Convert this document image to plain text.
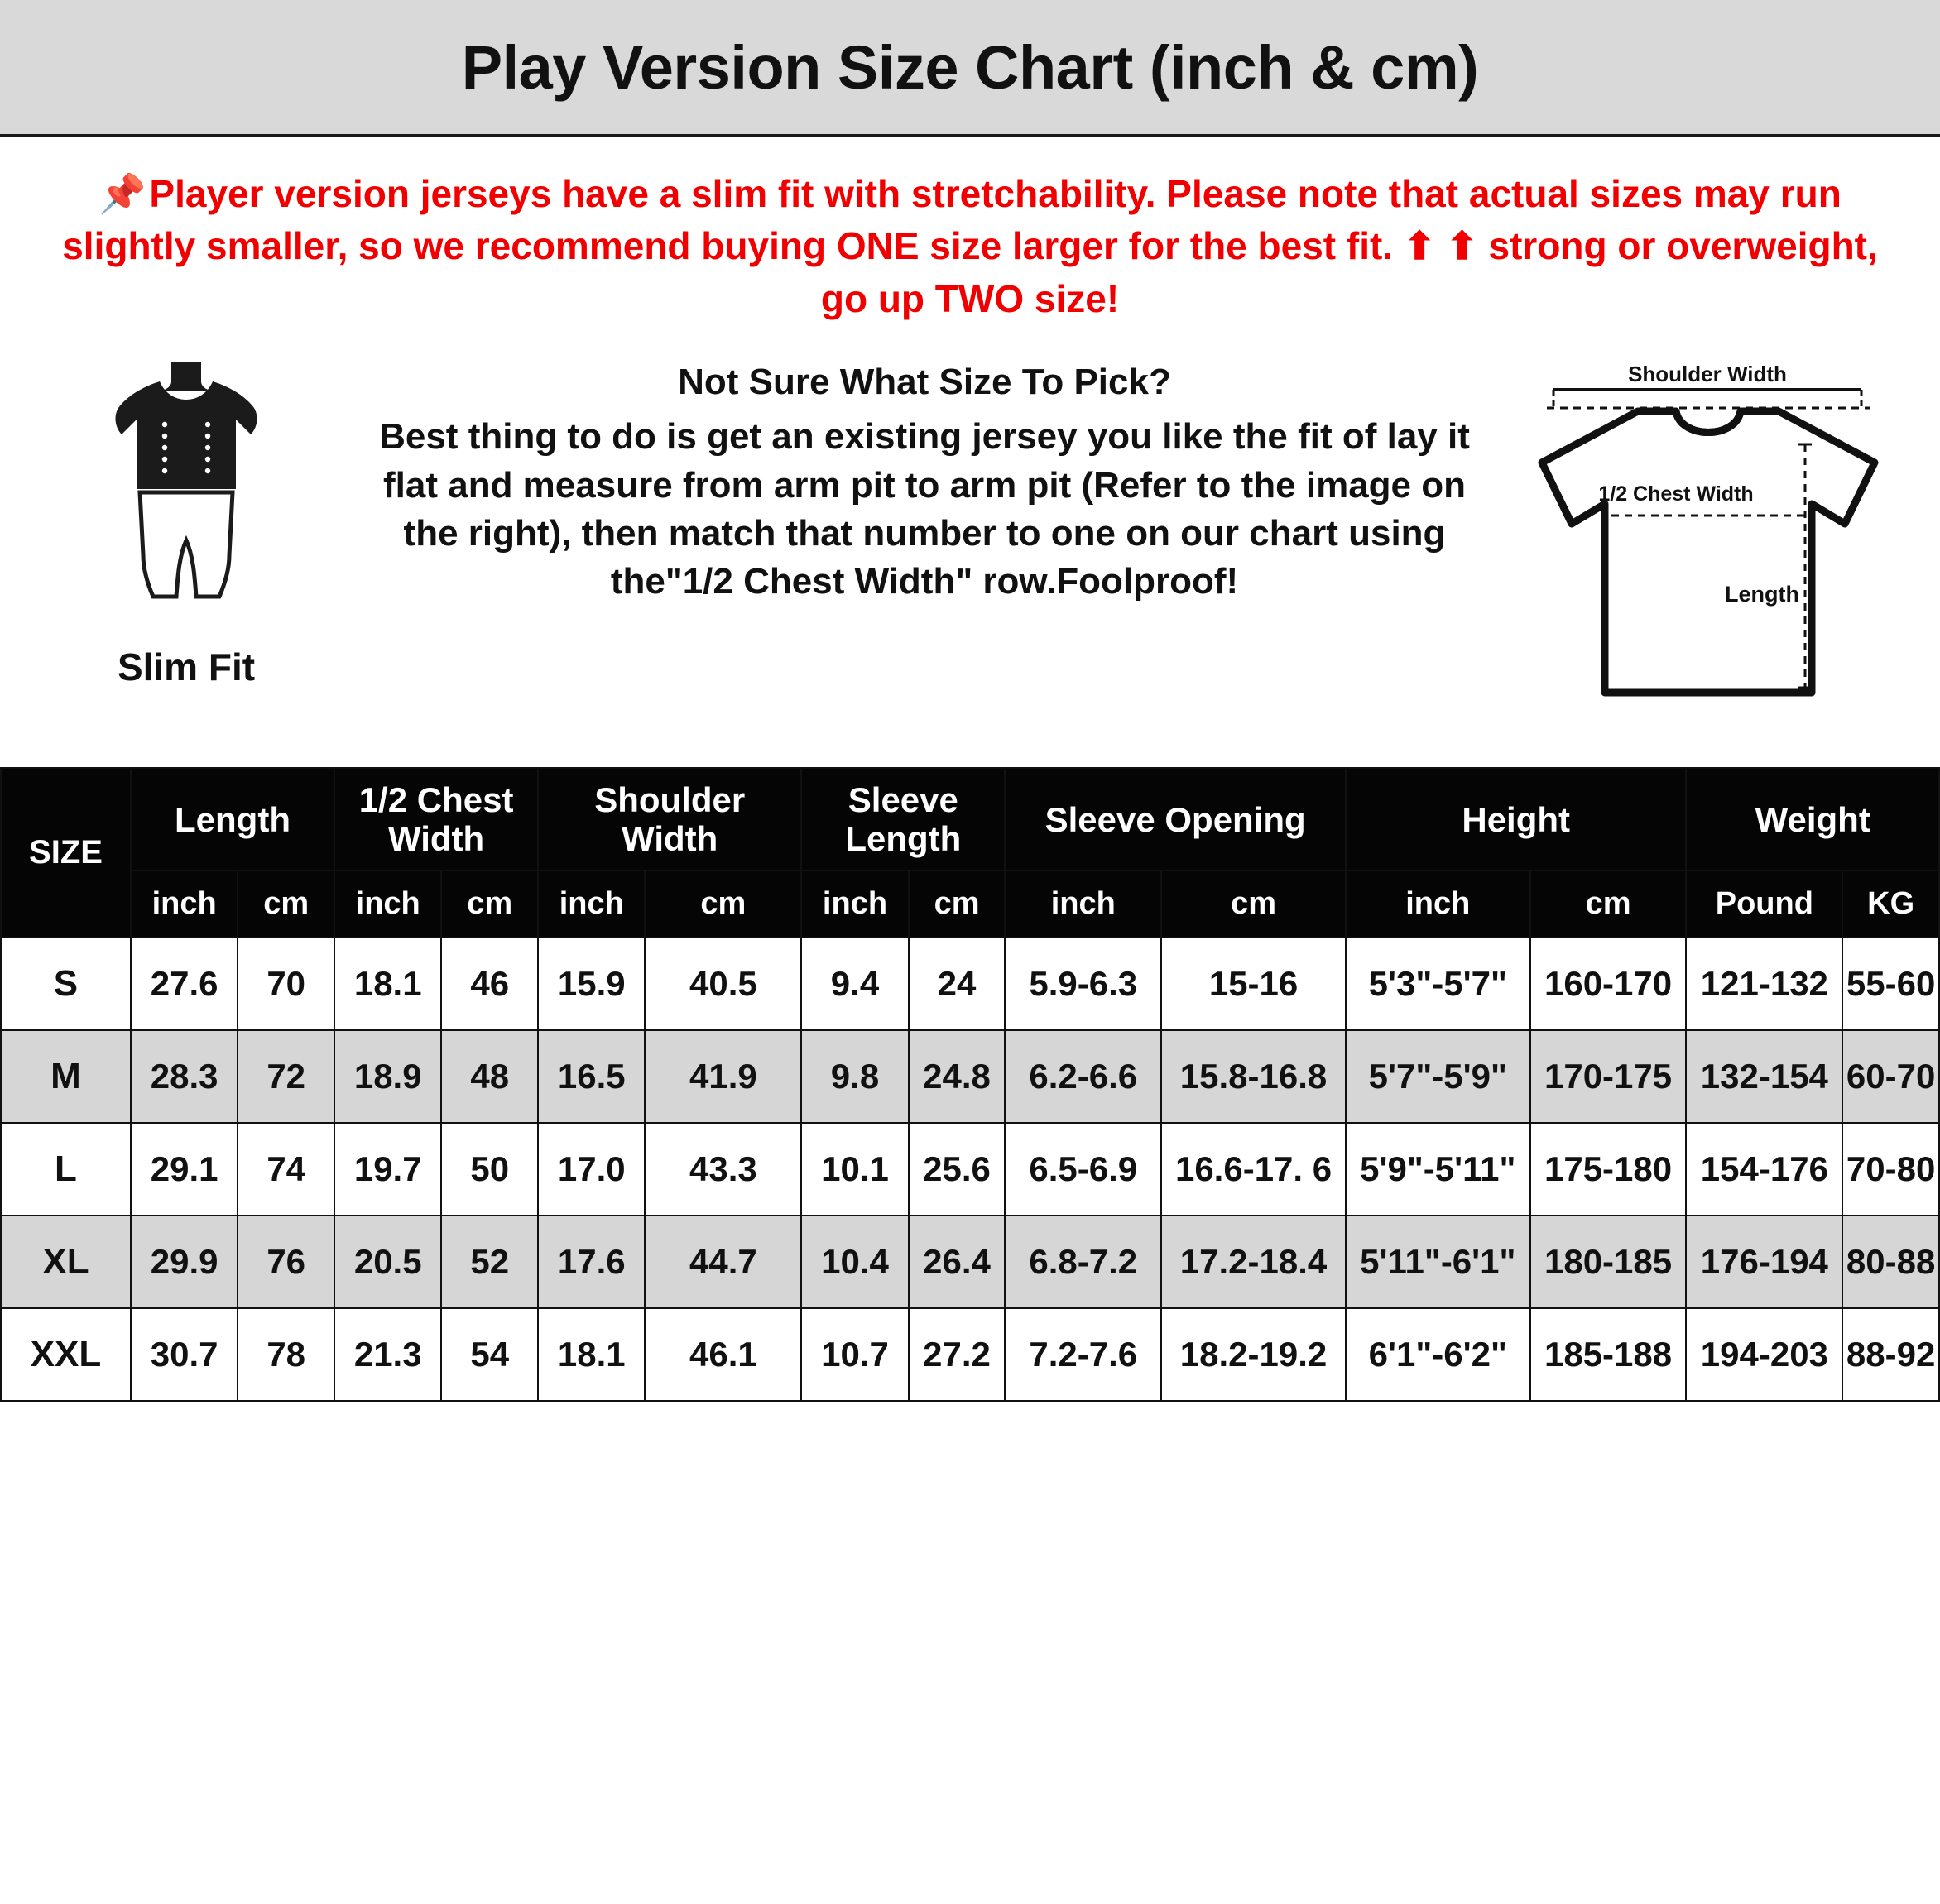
Play Version Size Chart (inch & cm)
📌Player version jerseys have a slim fit with stretchability. Please note that actual sizes may run slightly smaller, so we recommend buying ONE size larger for the best fit. ⬆ ⬆ strong or overweight, go up TWO size!
Slim Fit
Not Sure What Size To Pick?
Best thing to do is get an existing jersey you like the fit of lay it flat and measure from arm pit to arm pit (Refer to the image on the right), then match that number to one on our chart using the"1/2 Chest Width" row.Foolproof!
Shoulder Width
1/2 Chest Width
Length
SIZE	Length		1/2 Chest Width		Shoulder Width		Sleeve Length		Sleeve Opening		Height		Weight	
	inch	cm	inch	cm	inch	cm	inch	cm	inch	cm	inch	cm	Pound	KG
S	27.6	70	18.1	46	15.9	40.5	9.4	24	5.9-6.3	15-16	5'3"-5'7"	160-170	121-132	55-60
M	28.3	72	18.9	48	16.5	41.9	9.8	24.8	6.2-6.6	15.8-16.8	5'7"-5'9"	170-175	132-154	60-70
L	29.1	74	19.7	50	17.0	43.3	10.1	25.6	6.5-6.9	16.6-17. 6	5'9"-5'11"	175-180	154-176	70-80
XL	29.9	76	20.5	52	17.6	44.7	10.4	26.4	6.8-7.2	17.2-18.4	5'11"-6'1"	180-185	176-194	80-88
XXL	30.7	78	21.3	54	18.1	46.1	10.7	27.2	7.2-7.6	18.2-19.2	6'1"-6'2"	185-188	194-203	88-92
